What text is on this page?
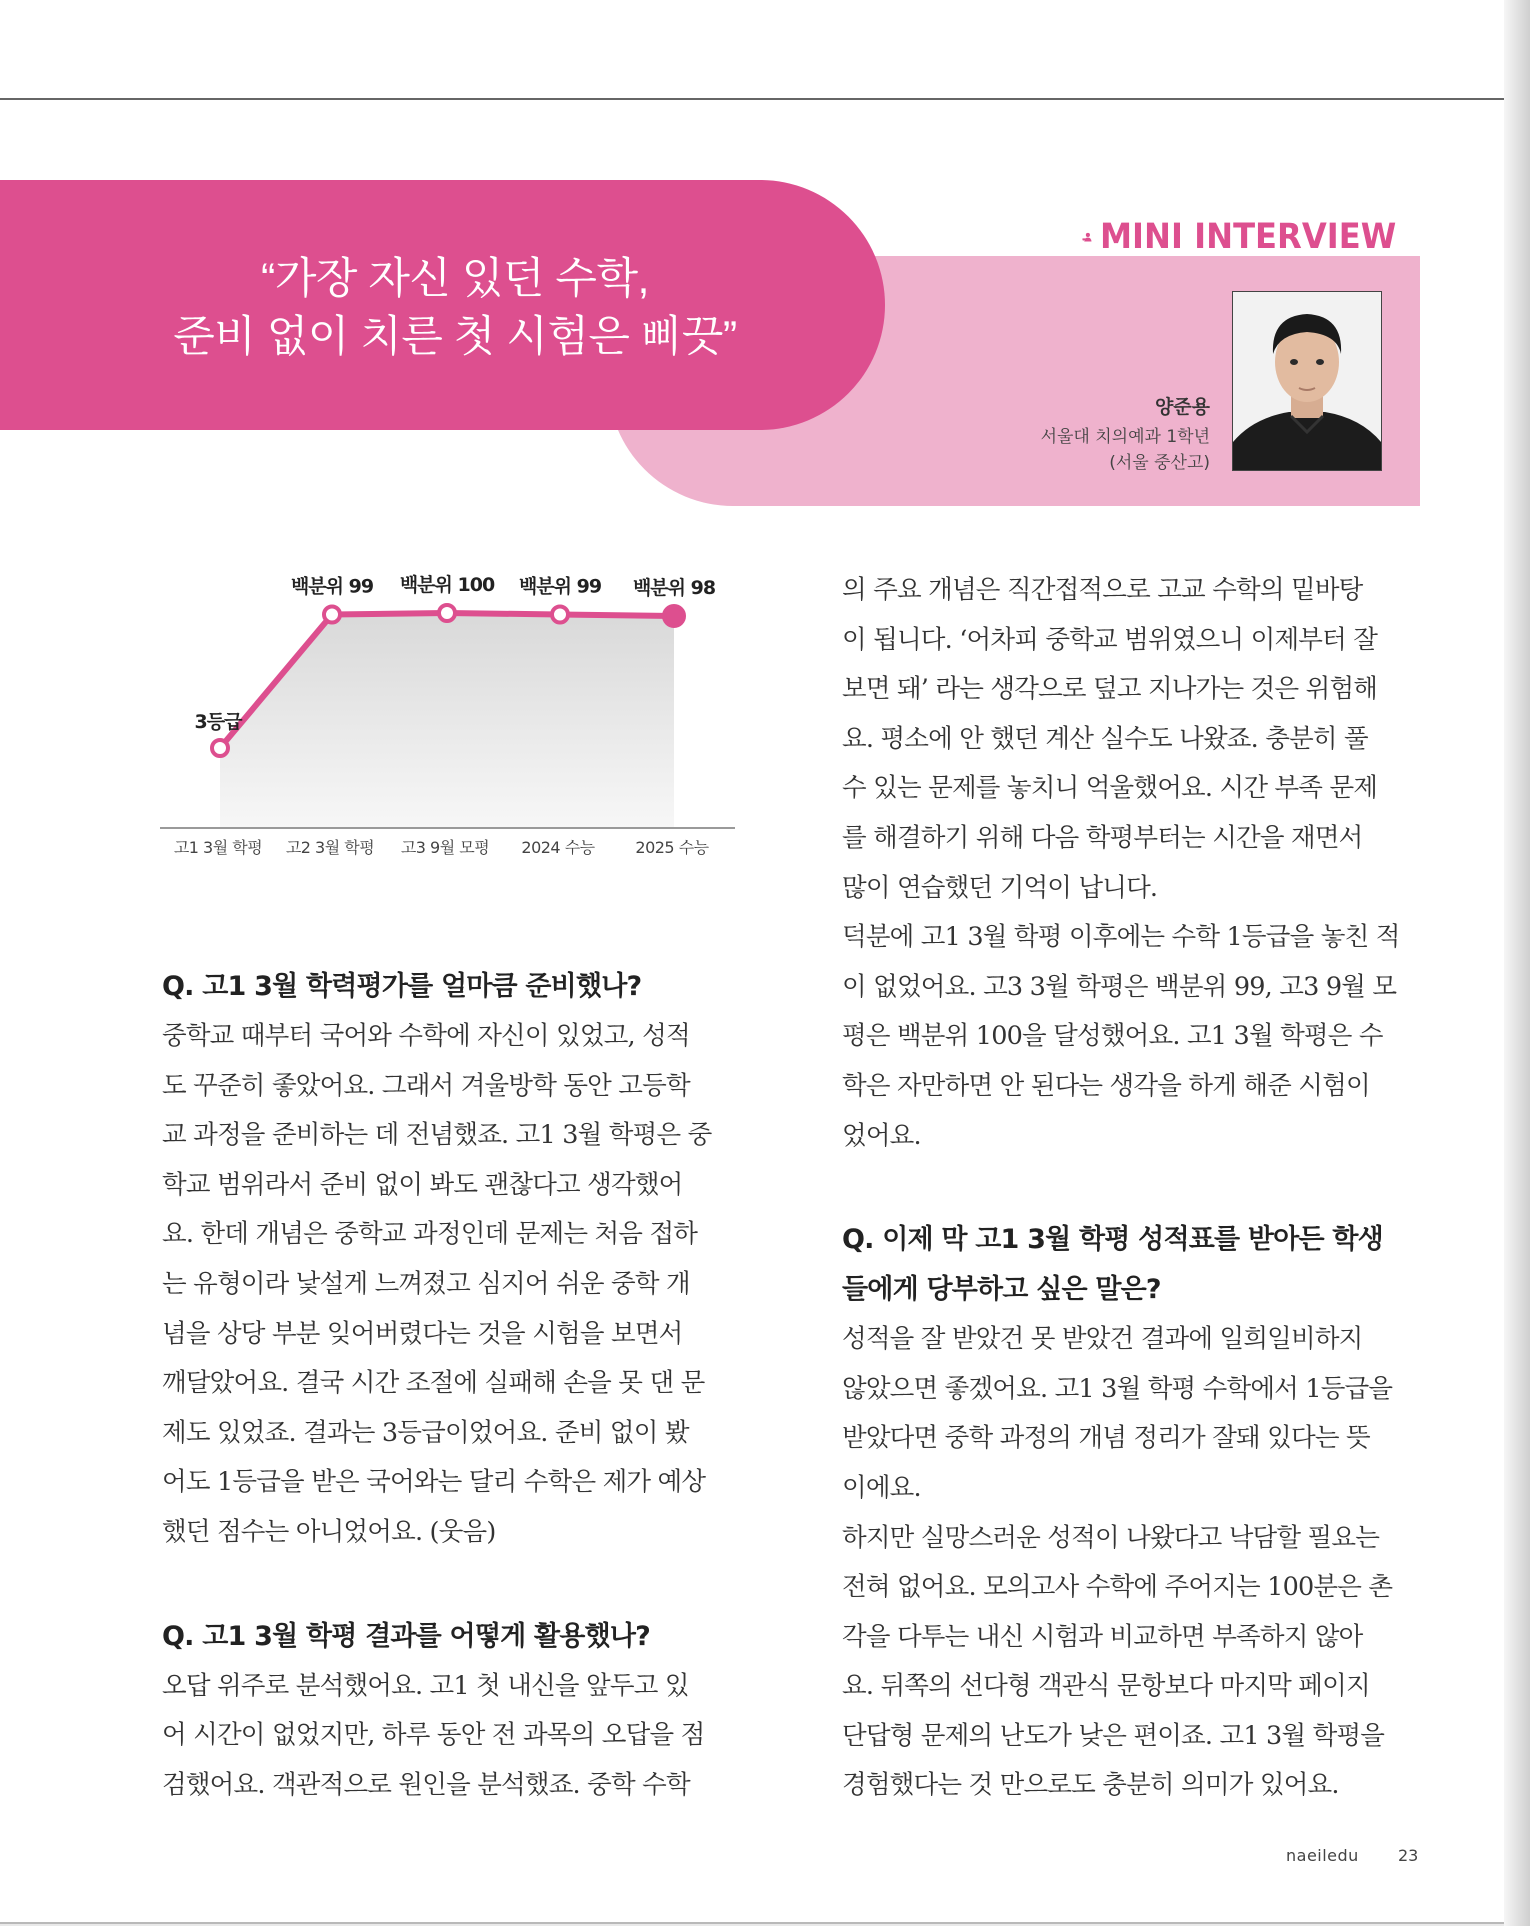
“가장 자신 있던 수학,
준비 없이 치른 첫 시험은 삐끗”
MINI INTERVIEW
양준용
서울대 치의예과 1학년
(서울 중산고)
3등급
고1 3월 학평
백분위 99
고2 3월 학평
백분위 100
고3 9월 모평
백분위 99
2024 수능
백분위 98
2025 수능
Q. 고1 3월 학력평가를 얼마큼 준비했나?
중학교 때부터 국어와 수학에 자신이 있었고, 성적
도 꾸준히 좋았어요. 그래서 겨울방학 동안 고등학
교 과정을 준비하는 데 전념했죠. 고1 3월 학평은 중
학교 범위라서 준비 없이 봐도 괜찮다고 생각했어
요. 한데 개념은 중학교 과정인데 문제는 처음 접하
는 유형이라 낯설게 느껴졌고 심지어 쉬운 중학 개
념을 상당 부분 잊어버렸다는 것을 시험을 보면서
깨달았어요. 결국 시간 조절에 실패해 손을 못 댄 문
제도 있었죠. 결과는 3등급이었어요. 준비 없이 봤
어도 1등급을 받은 국어와는 달리 수학은 제가 예상
했던 점수는 아니었어요. (웃음)
Q. 고1 3월 학평 결과를 어떻게 활용했나?
오답 위주로 분석했어요. 고1 첫 내신을 앞두고 있
어 시간이 없었지만, 하루 동안 전 과목의 오답을 점
검했어요. 객관적으로 원인을 분석했죠. 중학 수학
의 주요 개념은 직간접적으로 고교 수학의 밑바탕
이 됩니다. ‘어차피 중학교 범위였으니 이제부터 잘
보면 돼’ 라는 생각으로 덮고 지나가는 것은 위험해
요. 평소에 안 했던 계산 실수도 나왔죠. 충분히 풀
수 있는 문제를 놓치니 억울했어요. 시간 부족 문제
를 해결하기 위해 다음 학평부터는 시간을 재면서
많이 연습했던 기억이 납니다.
덕분에 고1 3월 학평 이후에는 수학 1등급을 놓친 적
이 없었어요. 고3 3월 학평은 백분위 99, 고3 9월 모
평은 백분위 100을 달성했어요. 고1 3월 학평은 수
학은 자만하면 안 된다는 생각을 하게 해준 시험이
었어요.
Q. 이제 막 고1 3월 학평 성적표를 받아든 학생
들에게 당부하고 싶은 말은?
성적을 잘 받았건 못 받았건 결과에 일희일비하지
않았으면 좋겠어요. 고1 3월 학평 수학에서 1등급을
받았다면 중학 과정의 개념 정리가 잘돼 있다는 뜻
이에요.
하지만 실망스러운 성적이 나왔다고 낙담할 필요는
전혀 없어요. 모의고사 수학에 주어지는 100분은 촌
각을 다투는 내신 시험과 비교하면 부족하지 않아
요. 뒤쪽의 선다형 객관식 문항보다 마지막 페이지
단답형 문제의 난도가 낮은 편이죠. 고1 3월 학평을
경험했다는 것 만으로도 충분히 의미가 있어요.
naeiledu 23
